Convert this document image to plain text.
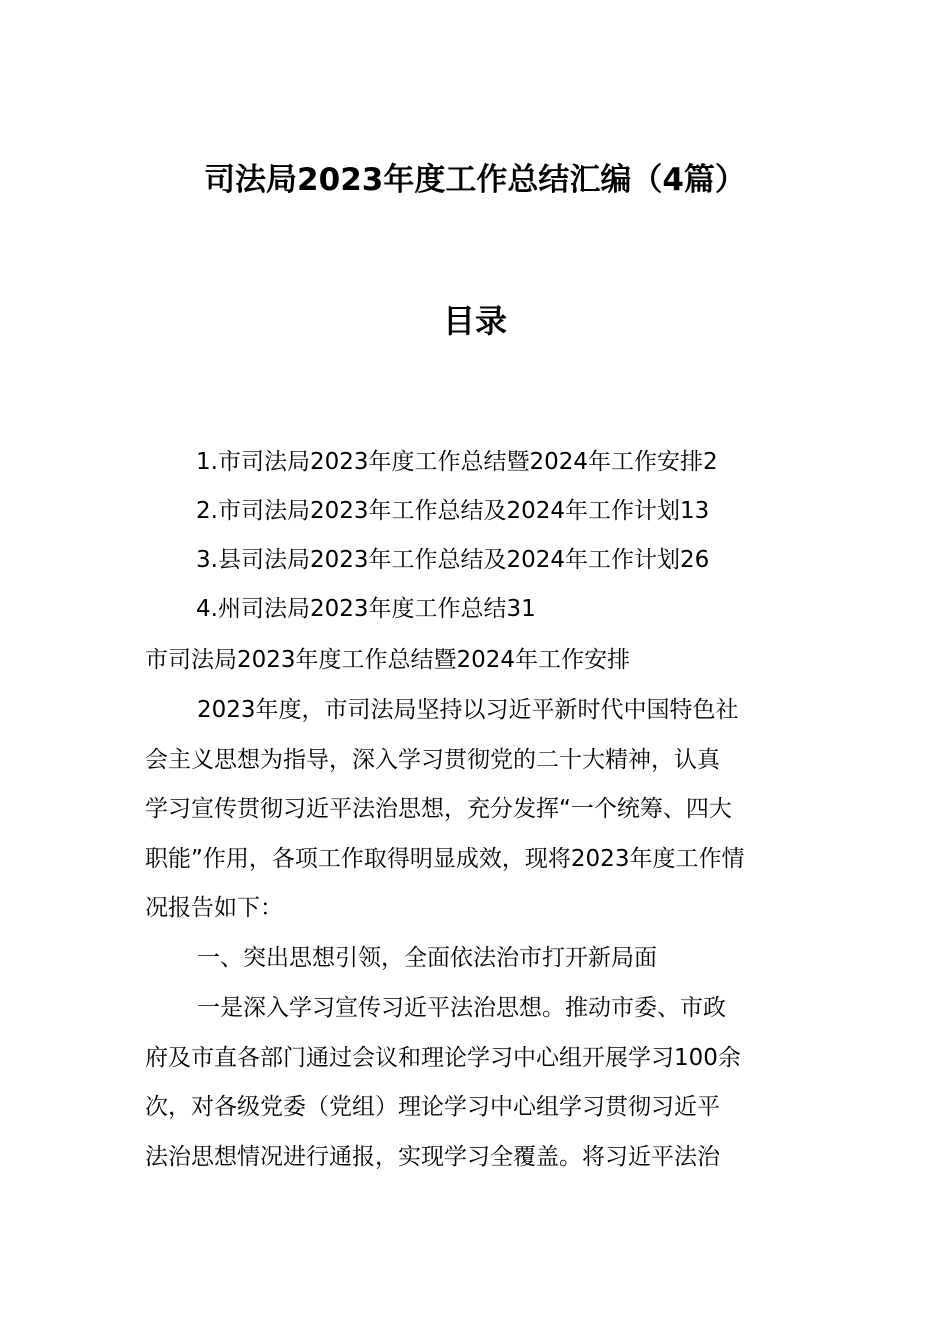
司法局2023年度工作总结汇编（4篇）
目录
1.市司法局2023年度工作总结暨2024年工作安排2
2.市司法局2023年工作总结及2024年工作计划13
3.县司法局2023年工作总结及2024年工作计划26
4.州司法局2023年度工作总结31
市司法局2023年度工作总结暨2024年工作安排
2023年度，市司法局坚持以习近平新时代中国特色社
会主义思想为指导，深入学习贯彻党的二十大精神，认真
学习宣传贯彻习近平法治思想，充分发挥“一个统筹、四大
职能”作用，各项工作取得明显成效，现将2023年度工作情
况报告如下：
一、突出思想引领，全面依法治市打开新局面
一是深入学习宣传习近平法治思想。推动市委、市政
府及市直各部门通过会议和理论学习中心组开展学习100余
次，对各级党委（党组）理论学习中心组学习贯彻习近平
法治思想情况进行通报，实现学习全覆盖。将习近平法治
